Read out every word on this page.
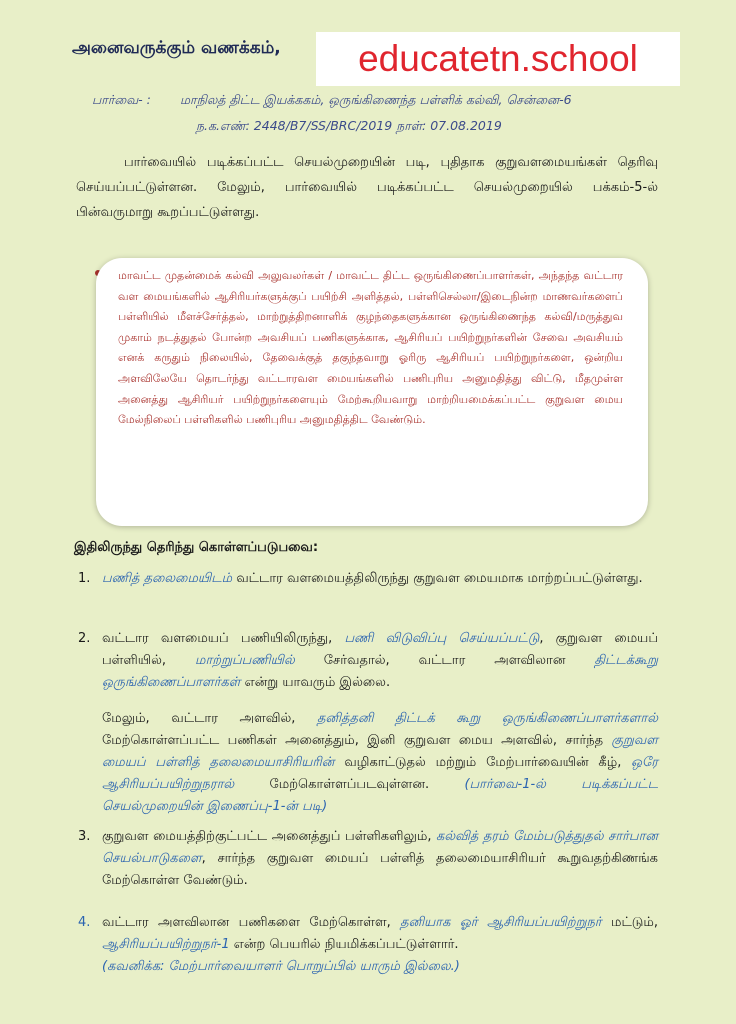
அனைவருக்கும் வணக்கம்,	educatetn.school
பார்வை- : மாநிலத் திட்ட இயக்ககம், ஒருங்கிணைந்த பள்ளிக் கல்வி, சென்னை-6
ந.க.எண்: 2448/B7/SS/BRC/2019 நாள்: 07.08.2019
பார்வையில் படிக்கப்பட்ட செயல்முறையின் படி, புதிதாக குறுவளமையங்கள் தெரிவு செய்யப்பட்டுள்ளன. மேலும், பார்வையில் படிக்கப்பட்ட செயல்முறையில் பக்கம்-5-ல் பின்வருமாறு கூறப்பட்டுள்ளது.
மாவட்ட முதன்மைக் கல்வி அலுவலர்கள் / மாவட்ட திட்ட ஒருங்கிணைப்பாளர்கள், அந்தந்த வட்டார வள மையங்களில் ஆசிரியர்களுக்குப் பயிற்சி அளித்தல், பள்ளிசெல்லா/இடைநின்ற மாணவர்களைப் பள்ளியில் மீளச்சேர்த்தல், மாற்றுத்திறனாளிக் குழந்தைகளுக்கான ஒருங்கிணைந்த கல்வி/மருத்துவ முகாம் நடத்துதல் போன்ற அவசியப் பணிகளுக்காக, ஆசிரியப் பயிற்றுநர்களின் சேவை அவசியம் எனக் கருதும் நிலையில், தேவைக்குத் தகுந்தவாறு ஓரிரு ஆசிரியப் பயிற்றுநர்களை, ஒன்றிய அளவிலேயே தொடர்ந்து வட்டாரவள மையங்களில் பணிபுரிய அனுமதித்து விட்டு, மீதமுள்ள அனைத்து ஆசிரியர் பயிற்றுநர்களையும் மேற்கூறியவாறு மாற்றியமைக்கப்பட்ட குறுவள மைய மேல்நிலைப் பள்ளிகளில் பணிபுரிய அனுமதித்திட வேண்டும்.
இதிலிருந்து தெரிந்து கொள்ளப்படுபவை:
1. பணித் தலைமையிடம் வட்டார வளமையத்திலிருந்து குறுவள மையமாக மாற்றப்பட்டுள்ளது.
2. வட்டார வளமையப் பணியிலிருந்து, பணி விடுவிப்பு செய்யப்பட்டு, குறுவள மையப் பள்ளியில், மாற்றுப்பணியில் சேர்வதால், வட்டார அளவிலான திட்டக்கூறு ஒருங்கிணைப்பாளர்கள் என்று யாவரும் இல்லை.
மேலும், வட்டார அளவில், தனித்தனி திட்டக் கூறு ஒருங்கிணைப்பாளர்களால் மேற்கொள்ளப்பட்ட பணிகள் அனைத்தும், இனி குறுவள மைய அளவில், சார்ந்த குறுவள மையப் பள்ளித் தலைமையாசிரியரின் வழிகாட்டுதல் மற்றும் மேற்பார்வையின் கீழ், ஒரே ஆசிரியப்பயிற்றுநரால் மேற்கொள்ளப்படவுள்ளன. (பார்வை-1-ல் படிக்கப்பட்ட செயல்முறையின் இணைப்பு-1-ன் படி)
3. குறுவள மையத்திற்குட்பட்ட அனைத்துப் பள்ளிகளிலும், கல்வித் தரம் மேம்படுத்துதல் சார்பான செயல்பாடுகளை, சார்ந்த குறுவள மையப் பள்ளித் தலைமையாசிரியர் கூறுவதற்கிணங்க மேற்கொள்ள வேண்டும்.
4. வட்டார அளவிலான பணிகளை மேற்கொள்ள, தனியாக ஓர் ஆசிரியப்பயிற்றுநர் மட்டும், ஆசிரியப்பயிற்றுநர்-1 என்ற பெயரில் நியமிக்கப்பட்டுள்ளார்.
(கவனிக்க: மேற்பார்வையாளர் பொறுப்பில் யாரும் இல்லை.)
